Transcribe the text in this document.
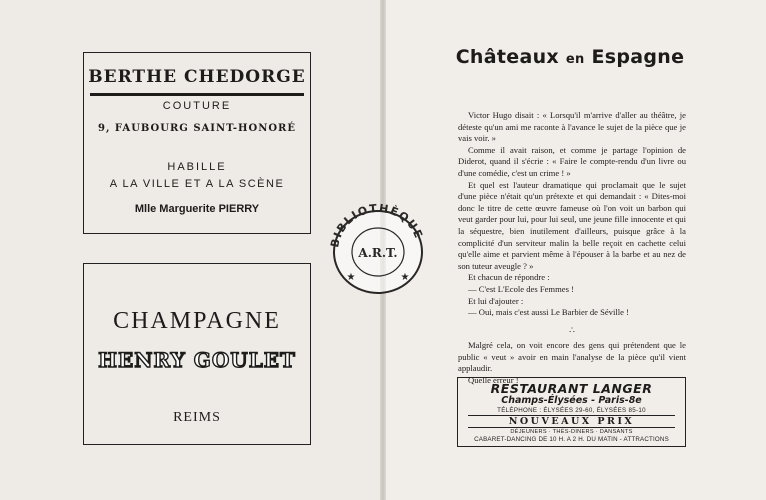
BERTHE CHEDORGE
COUTURE
9, FAUBOURG SAINT-HONORÉ
HABILLE
A LA VILLE ET A LA SCÈNE
Mlle Marguerite PIERRY
CHAMPAGNE
HENRY GOULET
REIMS
BIBLIOTHÈQUE
A.R.T.
★	★
Châteaux en Espagne

Victor Hugo disait : « Lorsqu'il m'arrive d'aller au théâtre, je déteste qu'un ami me raconte à l'avance le sujet de la pièce que je vais voir. »

Comme il avait raison, et comme je partage l'opinion de Diderot, quand il s'écrie : « Faire le compte-rendu d'un livre ou d'une comédie, c'est un crime ! »

Et quel est l'auteur dramatique qui proclamait que le sujet d'une pièce n'était qu'un prétexte et qui demandait : « Dites-moi donc le titre de cette œuvre fameuse où l'on voit un barbon qui veut garder pour lui, pour lui seul, une jeune fille innocente et qui la séquestre, bien inutilement d'ailleurs, puisque grâce à la complicité d'un serviteur malin la belle reçoit en cachette celui qu'elle aime et parvient même à l'épouser à la barbe et au nez de son tuteur aveugle ? »

Et chacun de répondre :

— C'est L'Ecole des Femmes !

Et lui d'ajouter :

— Oui, mais c'est aussi Le Barbier de Séville !

∴

Malgré cela, on voit encore des gens qui prétendent que le public « veut » avoir en main l'analyse de la pièce qu'il vient applaudir.

Quelle erreur !

RESTAURANT LANGER
Champs-Élysées - Paris-8e
TÉLÉPHONE : ÉLYSÉES 29-60, ÉLYSÉES 85-10
NOUVEAUX PRIX
DÉJEUNERS · THÉS-DINERS · DANSANTS
CABARET-DANCING DE 10 H. A 2 H. DU MATIN - ATTRACTIONS
